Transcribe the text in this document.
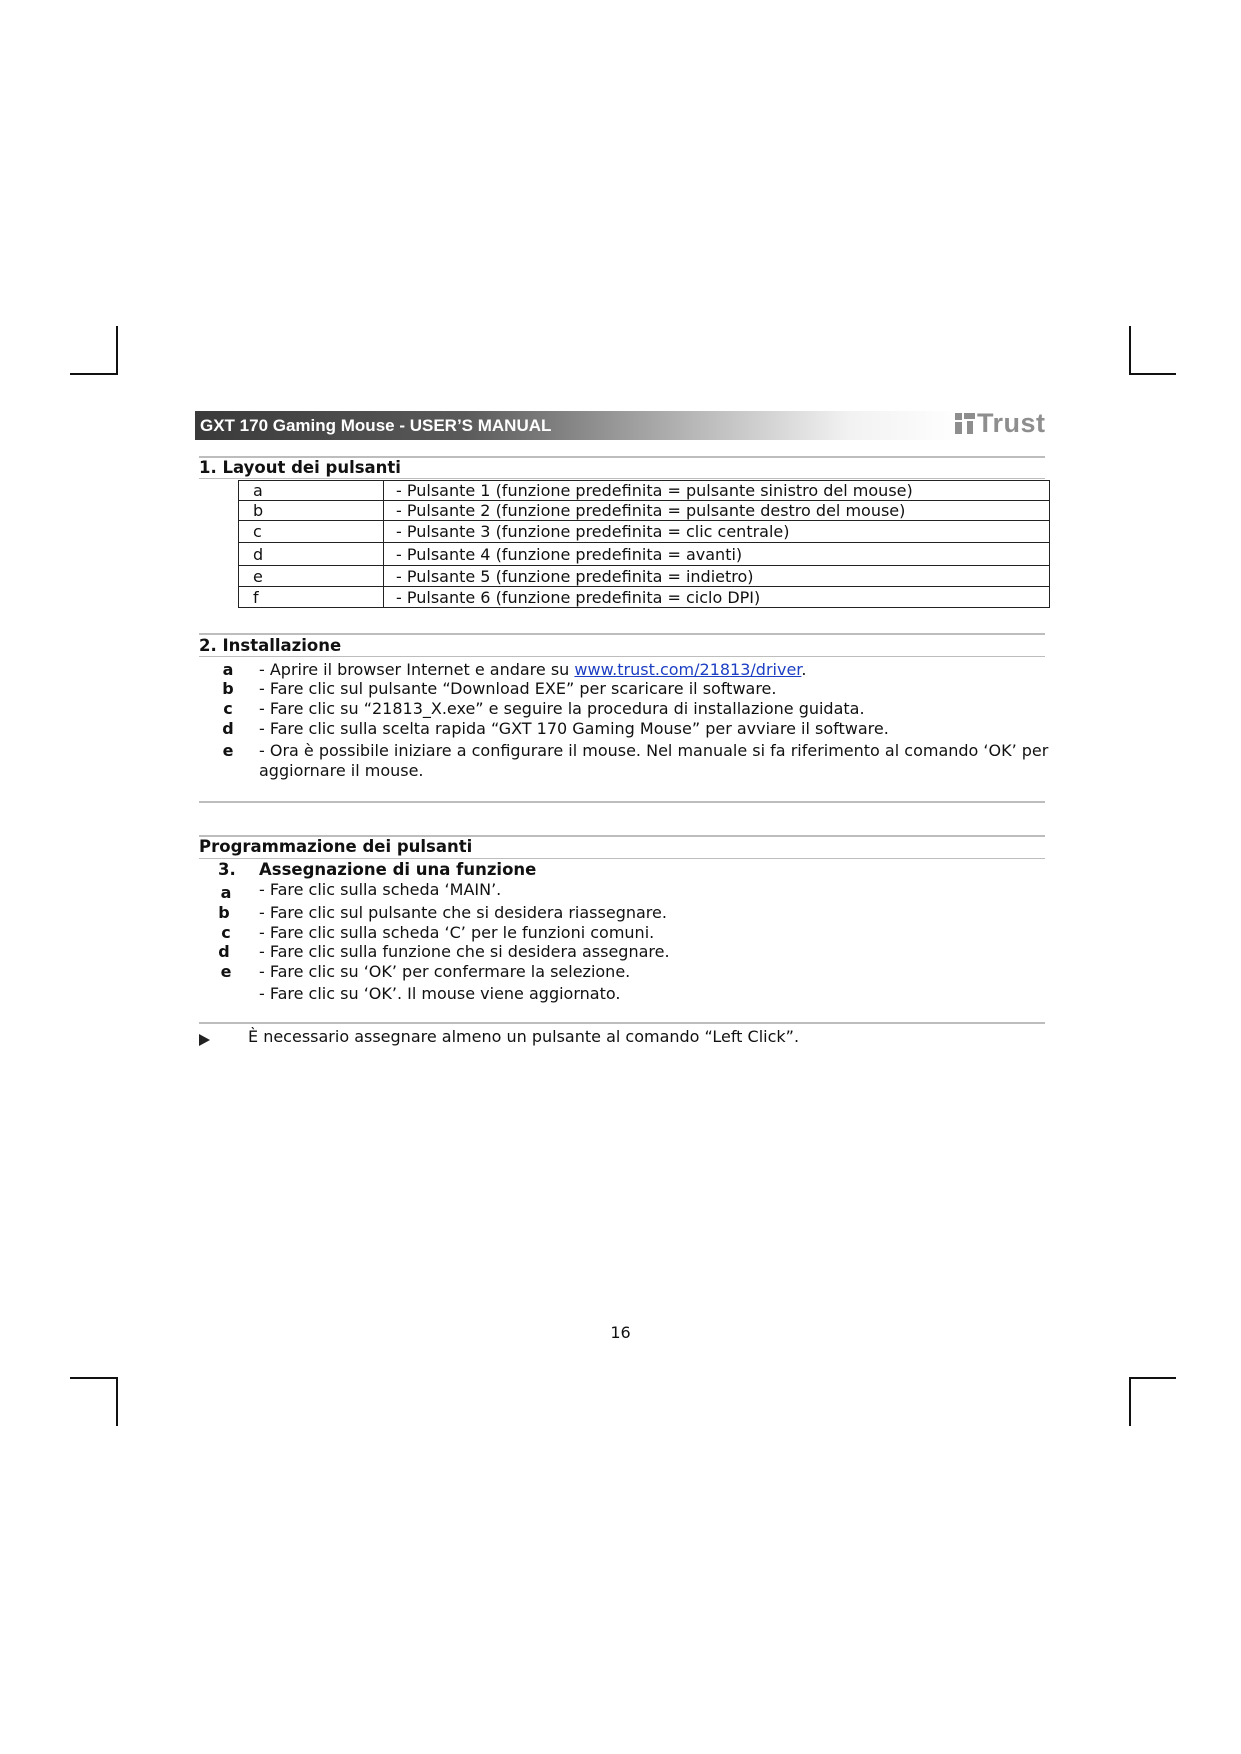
GXT 170 Gaming Mouse - USER’S MANUAL	Trust
1. Layout dei pulsanti
a	- Pulsante 1 (funzione predefinita = pulsante sinistro del mouse)
b	- Pulsante 2 (funzione predefinita = pulsante destro del mouse)
c	- Pulsante 3 (funzione predefinita = clic centrale)
d	- Pulsante 4 (funzione predefinita = avanti)
e	- Pulsante 5 (funzione predefinita = indietro)
f	- Pulsante 6 (funzione predefinita = ciclo DPI)
2. Installazione
a - Aprire il browser Internet e andare su www.trust.com/21813/driver.
b - Fare clic sul pulsante “Download EXE” per scaricare il software.
c	- Fare clic su “21813_X.exe” e seguire la procedura di installazione guidata.
d - Fare clic sulla scelta rapida “GXT 170 Gaming Mouse” per avviare il software.
e - Ora è possibile iniziare a configurare il mouse. Nel manuale si fa riferimento al comando ‘OK’ per
aggiornare il mouse.
Programmazione dei pulsanti
3. Assegnazione di una funzione
a - Fare clic sulla scheda ‘MAIN’.
b - Fare clic sul pulsante che si desidera riassegnare.
c	- Fare clic sulla scheda ‘C’ per le funzioni comuni.
d - Fare clic sulla funzione che si desidera assegnare.
e - Fare clic su ‘OK’ per confermare la selezione.
- Fare clic su ‘OK’. Il mouse viene aggiornato.
È necessario assegnare almeno un pulsante al comando “Left Click”.
16
